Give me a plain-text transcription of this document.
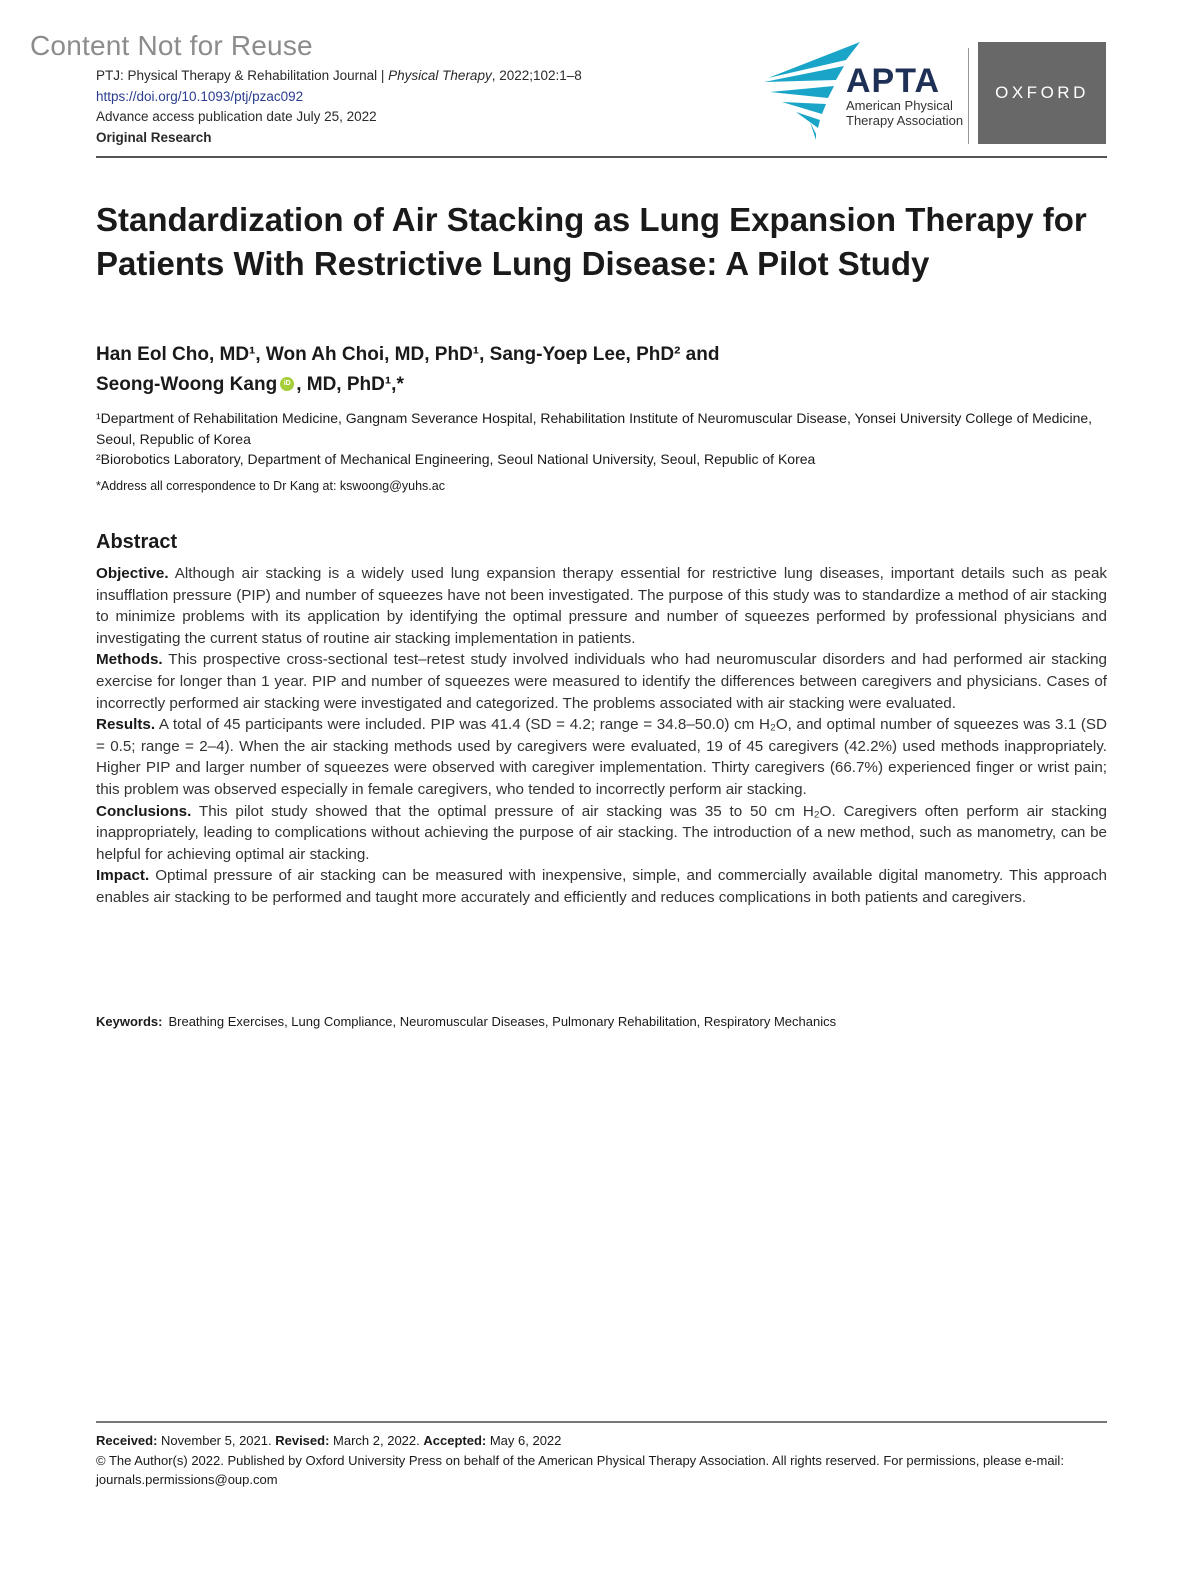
Content Not for Reuse
PTJ: Physical Therapy & Rehabilitation Journal | Physical Therapy, 2022;102:1–8
https://doi.org/10.1093/ptj/pzac092
Advance access publication date July 25, 2022
Original Research
APTA
American Physical Therapy Association
OXFORD
Standardization of Air Stacking as Lung Expansion Therapy for Patients With Restrictive Lung Disease: A Pilot Study
Han Eol Cho, MD¹, Won Ah Choi, MD, PhD¹, Sang-Yoep Lee, PhD² and
Seong-Woong Kang iD , MD, PhD¹,*

¹Department of Rehabilitation Medicine, Gangnam Severance Hospital, Rehabilitation Institute of Neuromuscular Disease, Yonsei University College of Medicine, Seoul, Republic of Korea

²Biorobotics Laboratory, Department of Mechanical Engineering, Seoul National University, Seoul, Republic of Korea

*Address all correspondence to Dr Kang at: kswoong@yuhs.ac

Abstract

Objective. Although air stacking is a widely used lung expansion therapy essential for restrictive lung diseases, important details such as peak insufflation pressure (PIP) and number of squeezes have not been investigated. The purpose of this study was to standardize a method of air stacking to minimize problems with its application by identifying the optimal pressure and number of squeezes performed by professional physicians and investigating the current status of routine air stacking implementation in patients.

Methods. This prospective cross-sectional test–retest study involved individuals who had neuromuscular disorders and had performed air stacking exercise for longer than 1 year. PIP and number of squeezes were measured to identify the differences between caregivers and physicians. Cases of incorrectly performed air stacking were investigated and categorized. The problems associated with air stacking were evaluated.

Results. A total of 45 participants were included. PIP was 41.4 (SD = 4.2; range = 34.8–50.0) cm H₂O, and optimal number of squeezes was 3.1 (SD = 0.5; range = 2–4). When the air stacking methods used by caregivers were evaluated, 19 of 45 caregivers (42.2%) used methods inappropriately. Higher PIP and larger number of squeezes were observed with caregiver implementation. Thirty caregivers (66.7%) experienced finger or wrist pain; this problem was observed especially in female caregivers, who tended to incorrectly perform air stacking.

Conclusions. This pilot study showed that the optimal pressure of air stacking was 35 to 50 cm H₂O. Caregivers often perform air stacking inappropriately, leading to complications without achieving the purpose of air stacking. The introduction of a new method, such as manometry, can be helpful for achieving optimal air stacking.

Impact. Optimal pressure of air stacking can be measured with inexpensive, simple, and commercially available digital manometry. This approach enables air stacking to be performed and taught more accurately and efficiently and reduces complications in both patients and caregivers.

Keywords: Breathing Exercises, Lung Compliance, Neuromuscular Diseases, Pulmonary Rehabilitation, Respiratory Mechanics

Received: November 5, 2021. Revised: March 2, 2022. Accepted: May 6, 2022

© The Author(s) 2022. Published by Oxford University Press on behalf of the American Physical Therapy Association. All rights reserved. For permissions, please e-mail: journals.permissions@oup.com
